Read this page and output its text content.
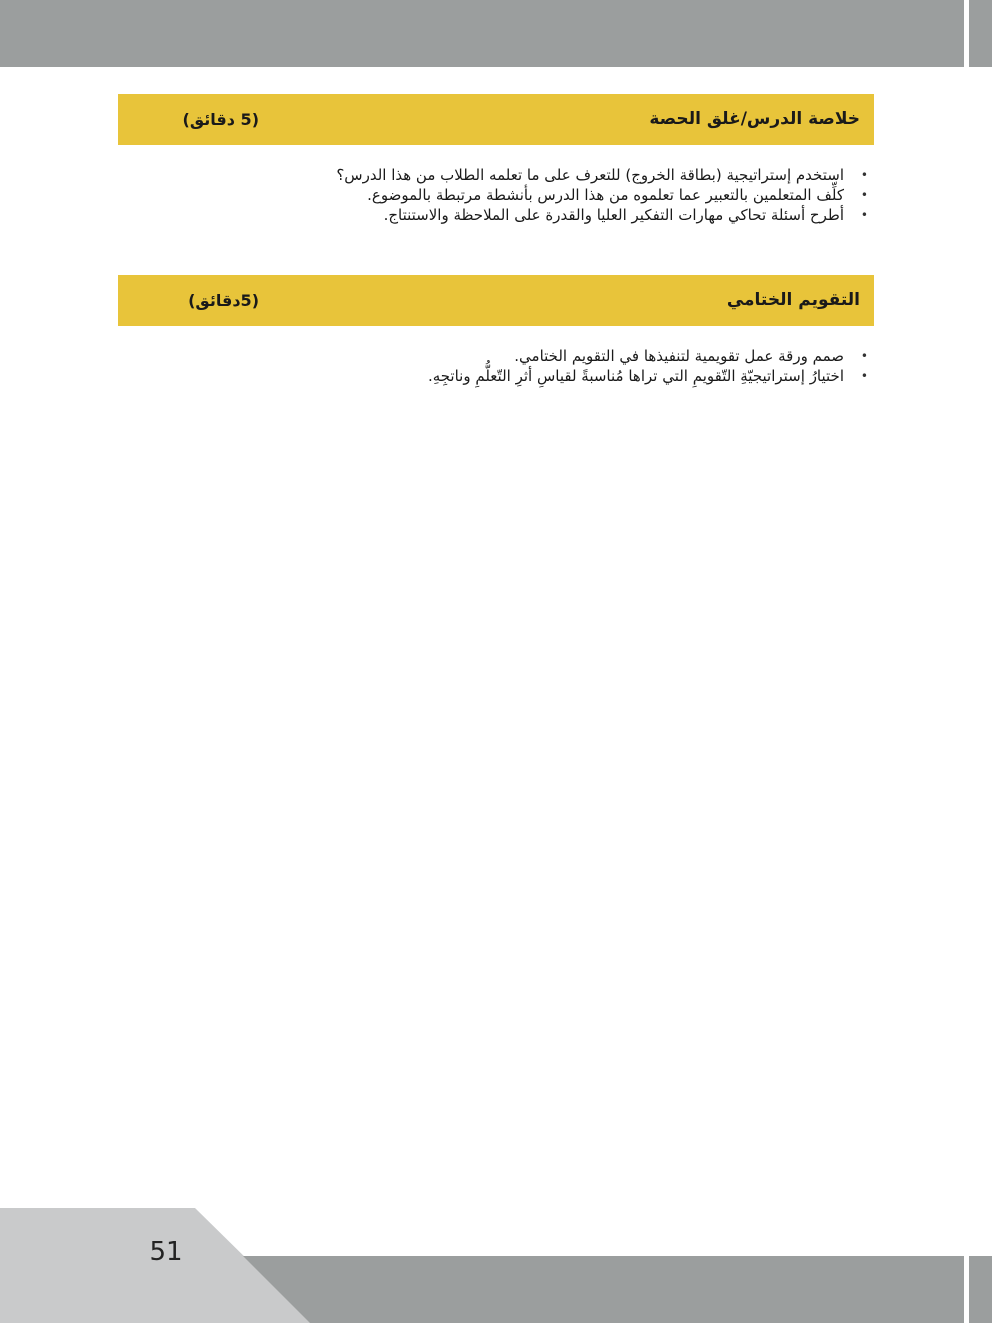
خلاصة الدرس/غلق الحصة
(5 دقائق)
•
استخدم إستراتيجية (بطاقة الخروج) للتعرف على ما تعلمه الطلاب من هذا الدرس؟
•
كلِّف المتعلمين بالتعبير عما تعلموه من هذا الدرس بأنشطة مرتبطة بالموضوع.
•
أطرح أسئلة تحاكي مهارات التفكير العليا والقدرة على الملاحظة والاستنتاج.
التقويم الختامي
(5دقائق)
•
صمم ورقة عمل تقويمية لتنفيذها في التقويم الختامي.
•
اختيارُ إستراتيجيّةِ التّقويمِ التي تراها مُناسبةً لقياسِ أثرِ التّعلُّمِ وناتجِهِ.
51
